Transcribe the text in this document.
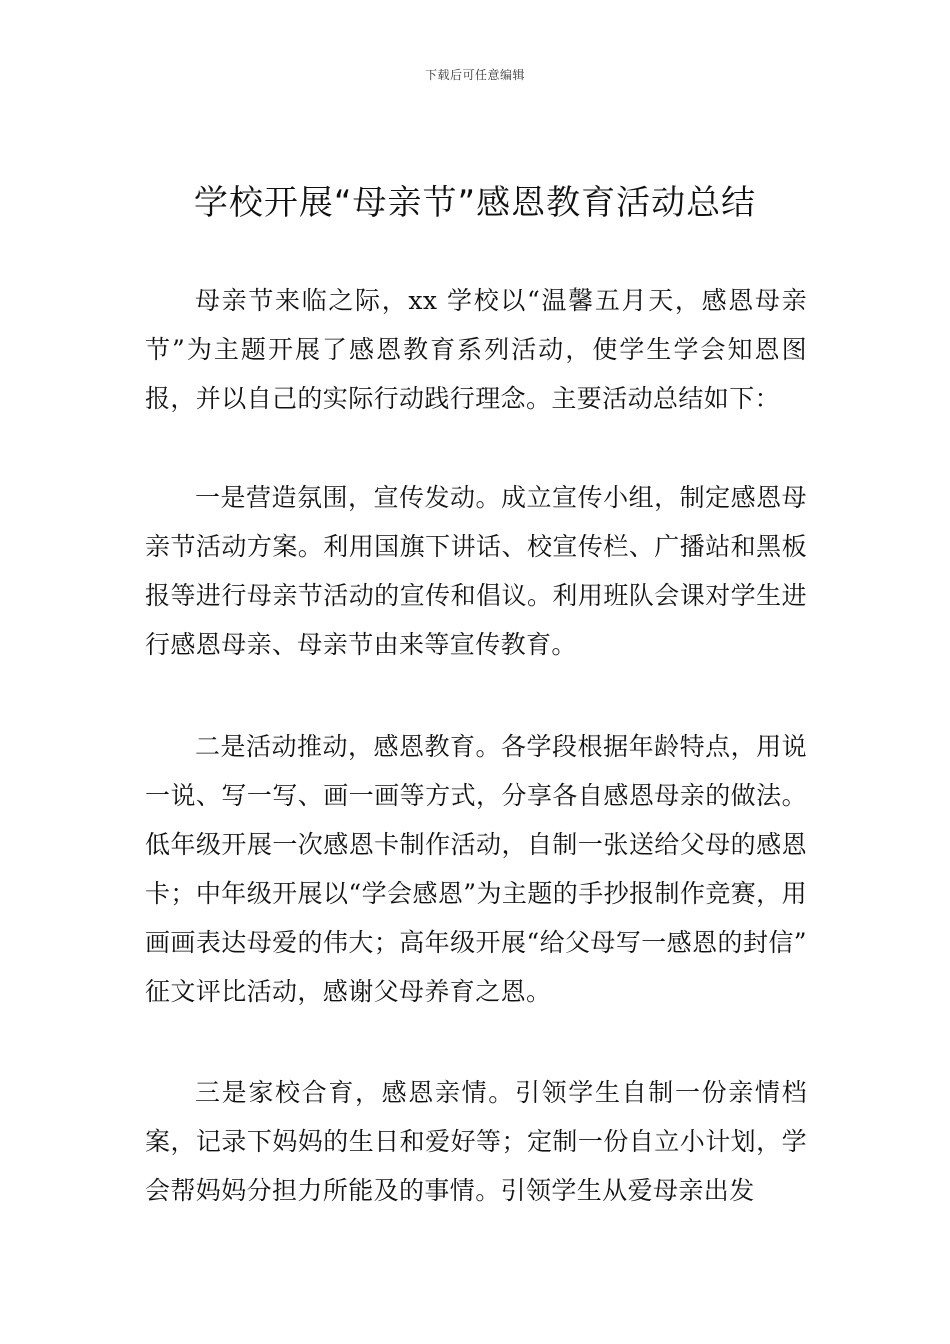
下载后可任意编辑
学校开展“母亲节”感恩教育活动总结

母亲节来临之际，xx 学校以“温馨五月天，感恩母亲节”为主题开展了感恩教育系列活动，使学生学会知恩图报，并以自己的实际行动践行理念。主要活动总结如下：

一是营造氛围，宣传发动。成立宣传小组，制定感恩母亲节活动方案。利用国旗下讲话、校宣传栏、广播站和黑板报等进行母亲节活动的宣传和倡议。利用班队会课对学生进行感恩母亲、母亲节由来等宣传教育。

二是活动推动，感恩教育。各学段根据年龄特点，用说一说、写一写、画一画等方式，分享各自感恩母亲的做法。低年级开展一次感恩卡制作活动，自制一张送给父母的感恩卡；中年级开展以“学会感恩”为主题的手抄报制作竞赛，用画画表达母爱的伟大；高年级开展“给父母写一感恩的封信” 征文评比活动，感谢父母养育之恩。

三是家校合育，感恩亲情。引领学生自制一份亲情档案，记录下妈妈的生日和爱好等；定制一份自立小计划，学会帮妈妈分担力所能及的事情。引领学生从爱母亲出发
